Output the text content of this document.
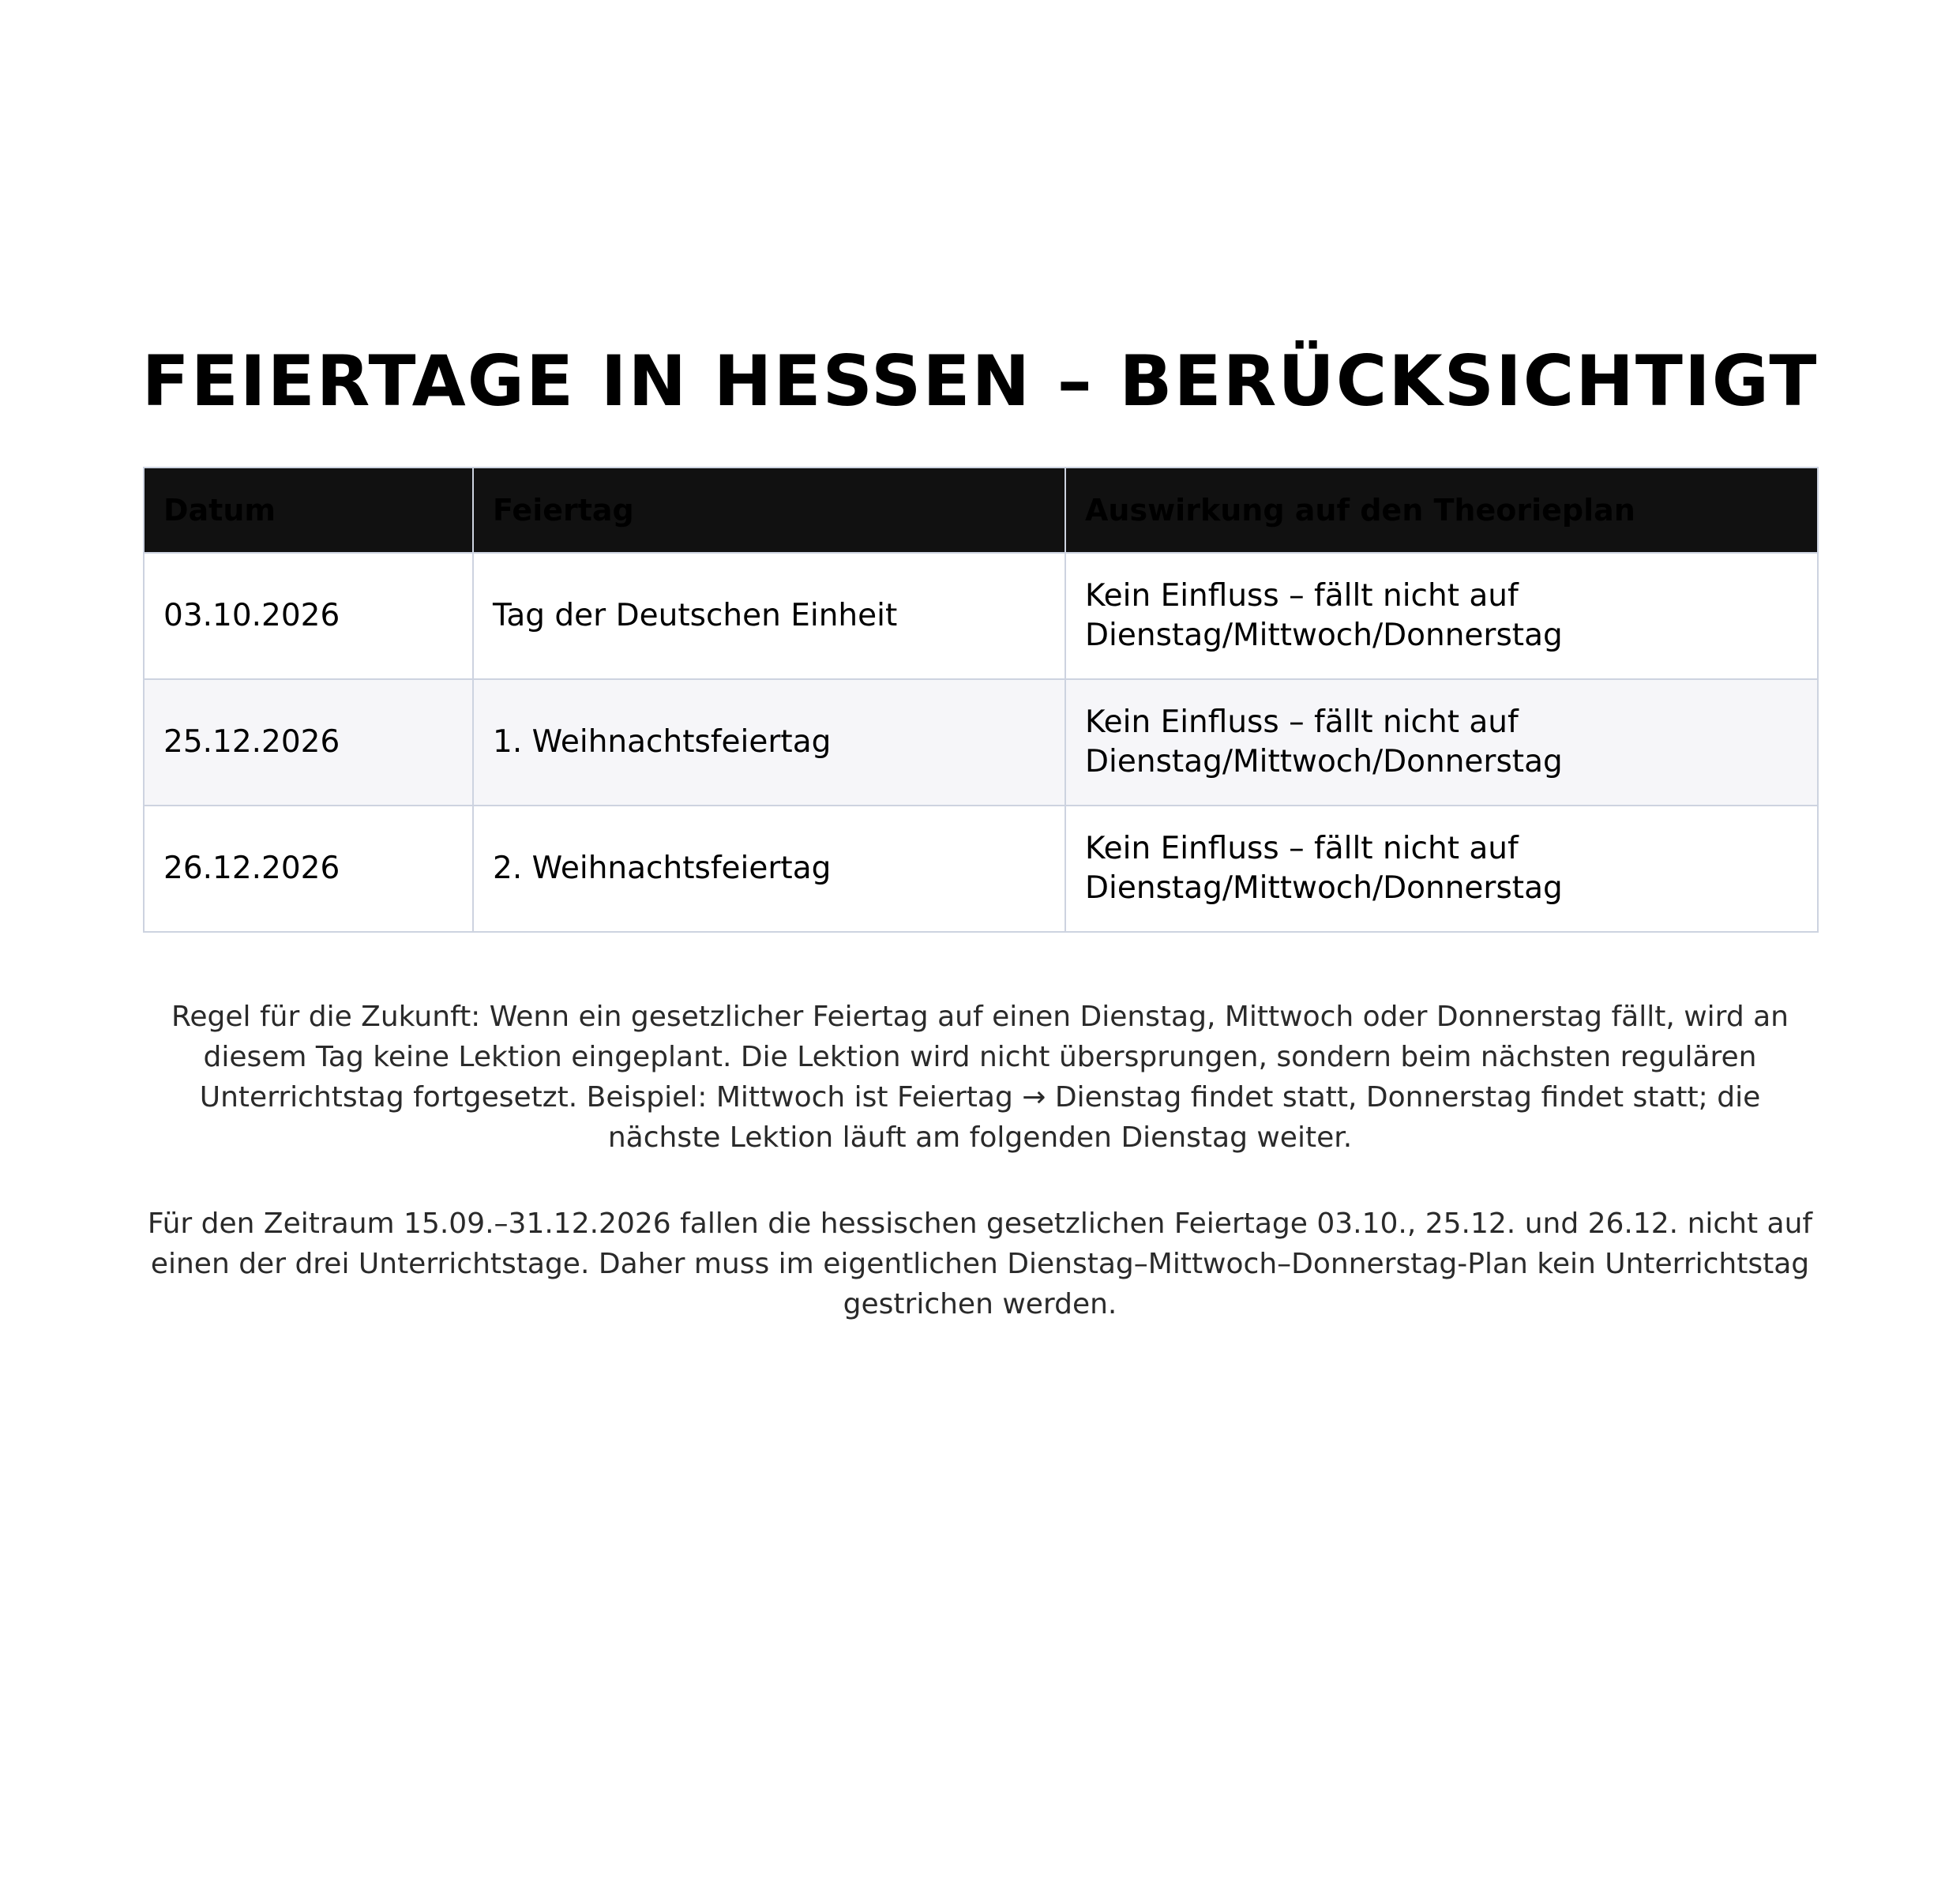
FEIERTAGE IN HESSEN – BERÜCKSICHTIGT
Datum	Feiertag	Auswirkung auf den Theorieplan
03.10.2026	Tag der Deutschen Einheit	Kein Einfluss – fällt nicht auf Dienstag/Mittwoch/Donnerstag
25.12.2026	1. Weihnachtsfeiertag	Kein Einfluss – fällt nicht auf Dienstag/Mittwoch/Donnerstag
26.12.2026	2. Weihnachtsfeiertag	Kein Einfluss – fällt nicht auf Dienstag/Mittwoch/Donnerstag

Regel für die Zukunft: Wenn ein gesetzlicher Feiertag auf einen Dienstag, Mittwoch oder Donnerstag fällt, wird an diesem Tag keine Lektion eingeplant. Die Lektion wird nicht übersprungen, sondern beim nächsten regulären Unterrichtstag fortgesetzt. Beispiel: Mittwoch ist Feiertag → Dienstag findet statt, Donnerstag findet statt; die nächste Lektion läuft am folgenden Dienstag weiter.

Für den Zeitraum 15.09.–31.12.2026 fallen die hessischen gesetzlichen Feiertage 03.10., 25.12. und 26.12. nicht auf einen der drei Unterrichtstage. Daher muss im eigentlichen Dienstag–Mittwoch–Donnerstag-Plan kein Unterrichtstag gestrichen werden.
